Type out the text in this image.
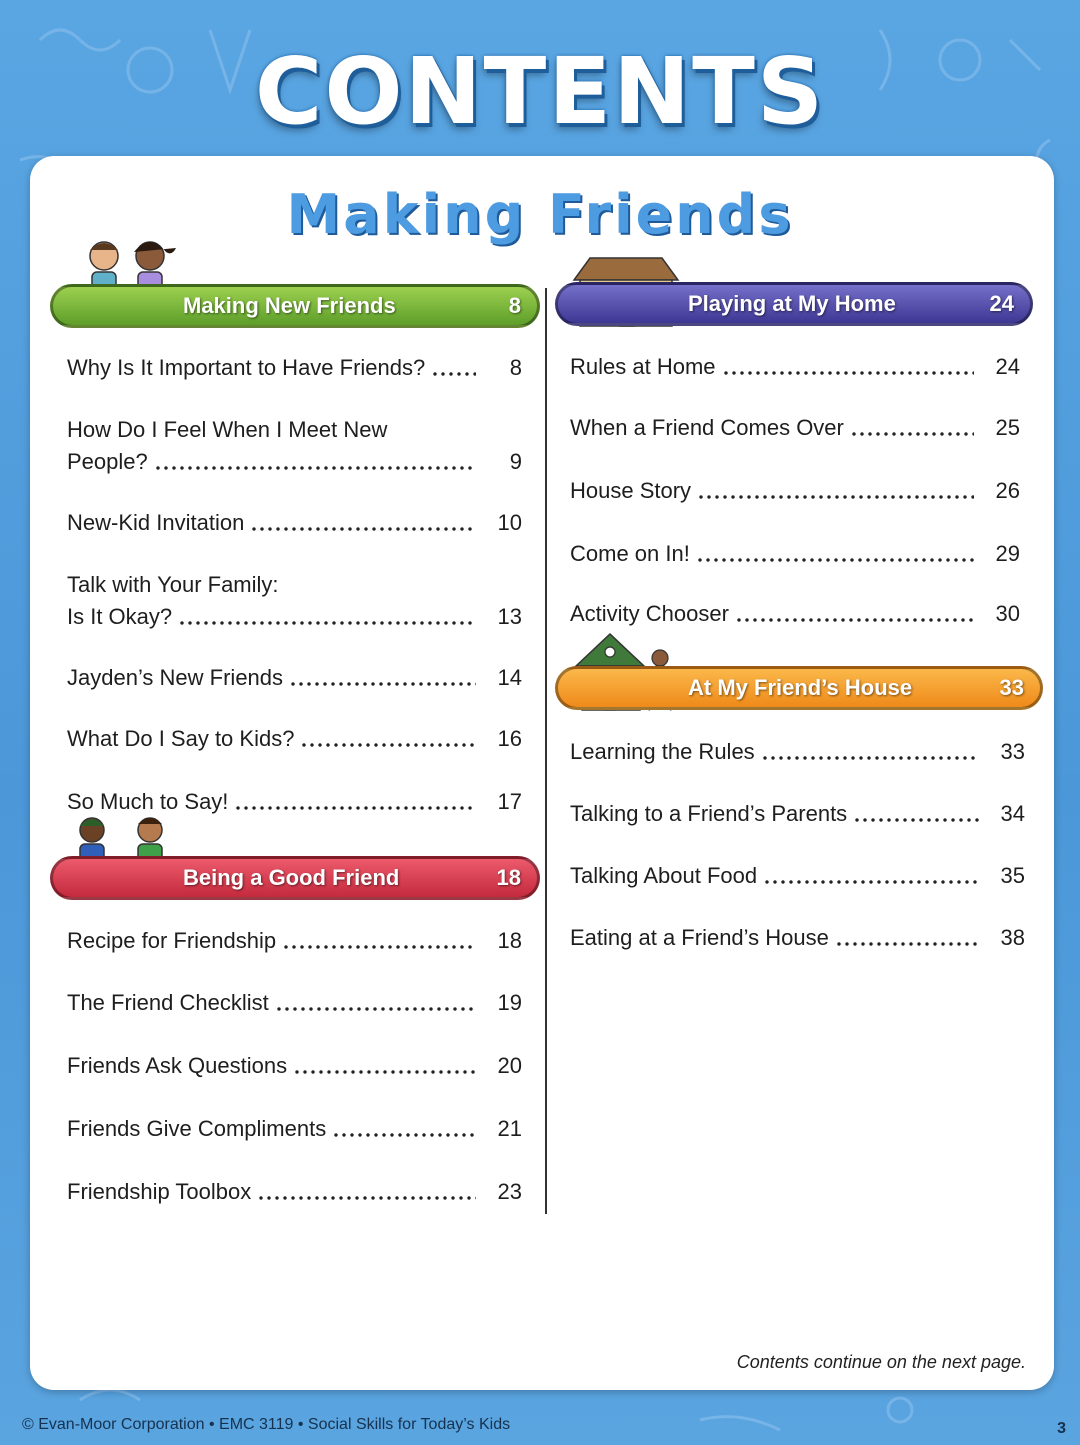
CONTENTS
Making Friends
Making New Friends	8
Why Is It Important to Have Friends?	8
How Do I Feel When I Meet New
People?	9
New-Kid Invitation	10
Talk with Your Family:
Is It Okay?	13
Jayden’s New Friends	14
What Do I Say to Kids?	16
So Much to Say!	17
Being a Good Friend	18
Recipe for Friendship	18
The Friend Checklist	19
Friends Ask Questions	20
Friends Give Compliments	21
Friendship Toolbox	23
Playing at My Home	24
Rules at Home	24
When a Friend Comes Over	25
House Story	26
Come on In!	29
Activity Chooser	30
At My Friend’s House	33
Learning the Rules	33
Talking to a Friend’s Parents	34
Talking About Food	35
Eating at a Friend’s House	38
Contents continue on the next page.
© Evan-Moor Corporation • EMC 3119 • Social Skills for Today’s Kids	3
